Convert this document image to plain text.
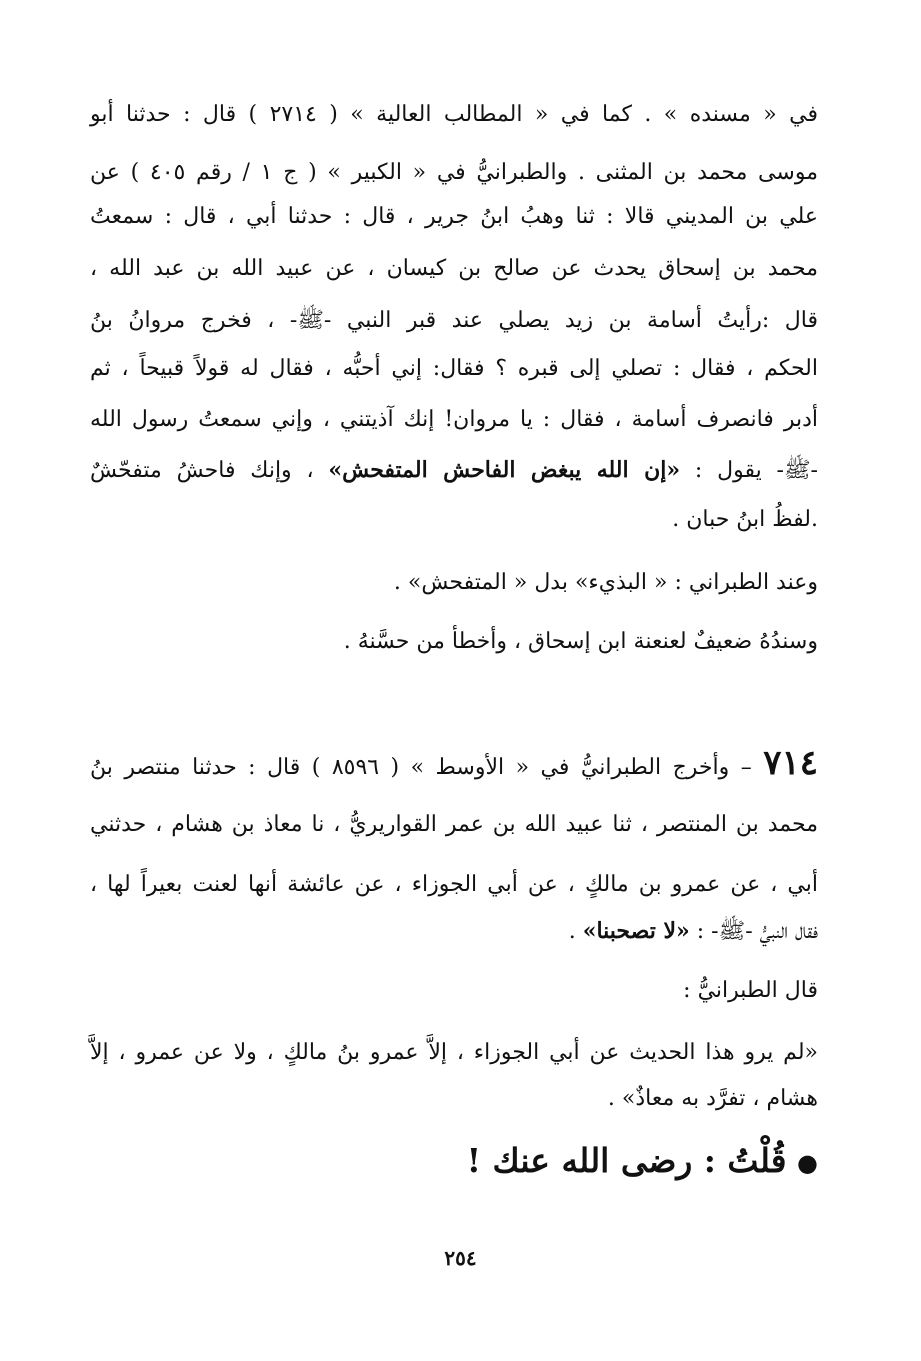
في « مسنده » . كما في « المطالب العالية » ( ٢٧١٤ ) قال : حدثنا أبو
موسى محمد بن المثنى . والطبرانيُّ في « الكبير » ( ج ١ / رقم ٤٠٥ ) عن
علي بن المديني قالا : ثنا وهبُ ابنُ جرير ، قال : حدثنا أبي ، قال : سمعتُ
محمد بن إسحاق يحدث عن صالح بن كيسان ، عن عبيد الله بن عبد الله ،
قال :رأيتُ أسامة بن زيد يصلي عند قبر النبي -ﷺ- ، فخرج مروانُ بنُ
الحكم ، فقال : تصلي إلى قبره ؟ فقال: إني أحبُّه ، فقال له قولاً قبيحاً ، ثم
أدبر فانصرف أسامة ، فقال : يا مروان! إنك آذيتني ، وإني سمعتُ رسول الله
-ﷺ- يقول : «إن الله يبغض الفاحش المتفحش» ، وإنك فاحشُ متفحّشٌ
.لفظُ ابنُ حبان .
وعند الطبراني : « البذيء» بدل « المتفحش» .
وسندُهُ ضعيفٌ لعنعنة ابن إسحاق ، وأخطأ من حسَّنهُ .
٧١٤ – وأخرج الطبرانيُّ في « الأوسط » ( ٨٥٩٦ ) قال : حدثنا منتصر بنُ
محمد بن المنتصر ، ثنا عبيد الله بن عمر القواريريُّ ، نا معاذ بن هشام ، حدثني
أبي ، عن عمرو بن مالكٍ ، عن أبي الجوزاء ، عن عائشة أنها لعنت بعيراً لها ،
فقال النبيُّ -ﷺ- : «لا تصحبنا» .
قال الطبرانيُّ :
«لم يرو هذا الحديث عن أبي الجوزاء ، إلاَّ عمرو بنُ مالكٍ ، ولا عن عمرو ، إلاَّ
هشام ، تفرَّد به معاذٌ» .
● قُلْتُ : رضى الله عنك !
٢٥٤
